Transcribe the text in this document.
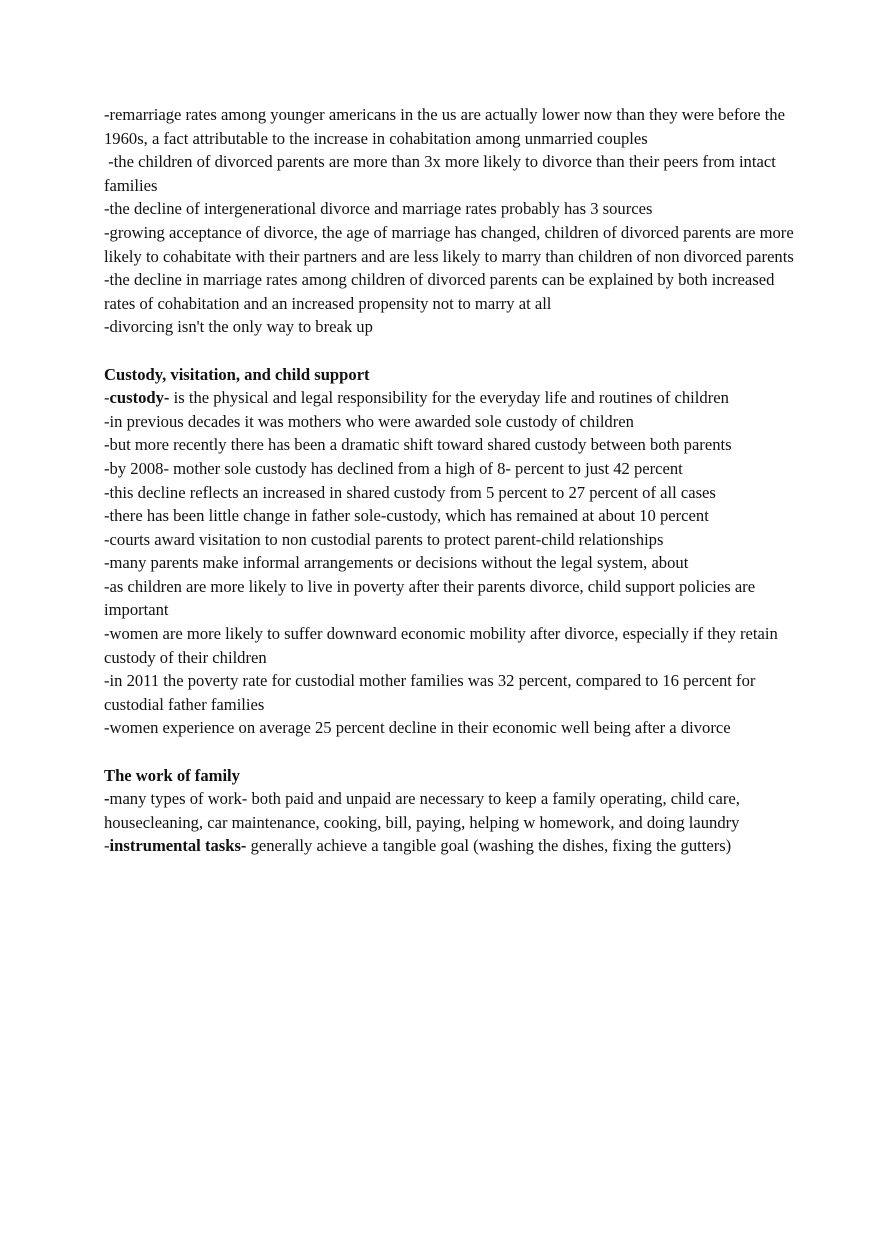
-remarriage rates among younger americans in the us are actually lower now than they were before the 1960s, a fact attributable to the increase in cohabitation among unmarried couples

-the children of divorced parents are more than 3x more likely to divorce than their peers from intact families

-the decline of intergenerational divorce and marriage rates probably has 3 sources

-growing acceptance of divorce, the age of marriage has changed, children of divorced parents are more likely to cohabitate with their partners and are less likely to marry than children of non divorced parents

-the decline in marriage rates among children of divorced parents can be explained by both increased rates of cohabitation and an increased propensity not to marry at all

-divorcing isn't the only way to break up

Custody, visitation, and child support

-custody- is the physical and legal responsibility for the everyday life and routines of children

-in previous decades it was mothers who were awarded sole custody of children

-but more recently there has been a dramatic shift toward shared custody between both parents

-by 2008- mother sole custody has declined from a high of 8- percent to just 42 percent

-this decline reflects an increased in shared custody from 5 percent to 27 percent of all cases

-there has been little change in father sole-custody, which has remained at about 10 percent

-courts award visitation to non custodial parents to protect parent-child relationships

-many parents make informal arrangements or decisions without the legal system, about

-as children are more likely to live in poverty after their parents divorce, child support policies are important

-women are more likely to suffer downward economic mobility after divorce, especially if they retain custody of their children

-in 2011 the poverty rate for custodial mother families was 32 percent, compared to 16 percent for custodial father families

-women experience on average 25 percent decline in their economic well being after a divorce

The work of family

-many types of work- both paid and unpaid are necessary to keep a family operating, child care, housecleaning, car maintenance, cooking, bill, paying, helping w homework, and doing laundry

-instrumental tasks- generally achieve a tangible goal (washing the dishes, fixing the gutters)
